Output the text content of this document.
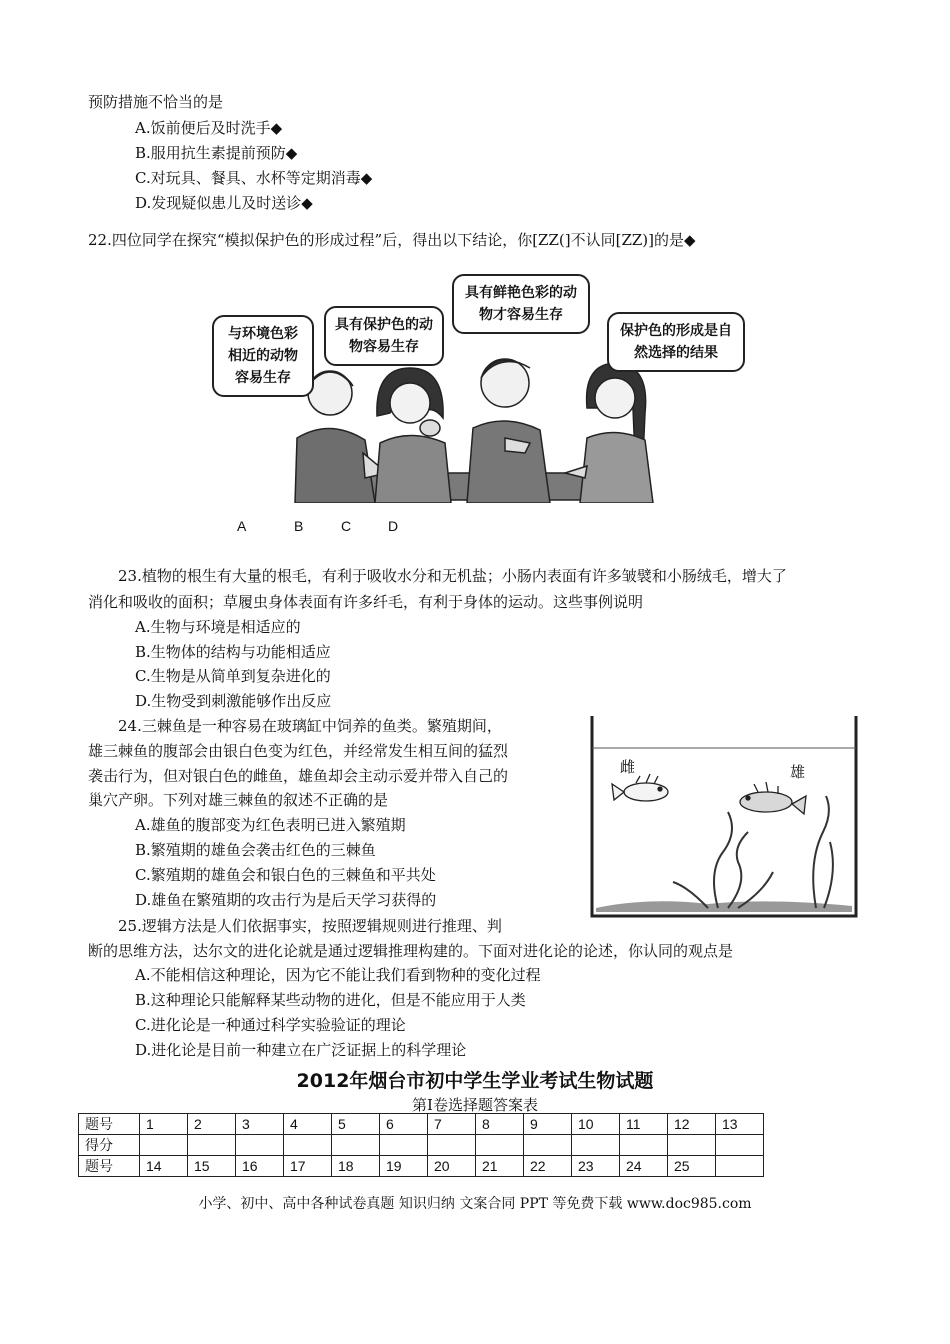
预防措施不恰当的是
A.饭前便后及时洗手◆
B.服用抗生素提前预防◆
C.对玩具、餐具、水杯等定期消毒◆
D.发现疑似患儿及时送诊◆
22.四位同学在探究“模拟保护色的形成过程”后，得出以下结论，你[ZZ(]不认同[ZZ)]的是◆
与环境色彩相近的动物容易生存
具有保护色的动物容易生存
具有鲜艳色彩的动物才容易生存
保护色的形成是自然选择的结果
A	B	C	D
23.植物的根生有大量的根毛，有利于吸收水分和无机盐；小肠内表面有许多皱襞和小肠绒毛，增大了
消化和吸收的面积；草履虫身体表面有许多纤毛，有利于身体的运动。这些事例说明
A.生物与环境是相适应的
B.生物体的结构与功能相适应
C.生物是从简单到复杂进化的
D.生物受到刺激能够作出反应
24.三棘鱼是一种容易在玻璃缸中饲养的鱼类。繁殖期间，
雄三棘鱼的腹部会由银白色变为红色，并经常发生相互间的猛烈
袭击行为，但对银白色的雌鱼，雄鱼却会主动示爱并带入自己的
巢穴产卵。下列对雄三棘鱼的叙述不正确的是
A.雄鱼的腹部变为红色表明已进入繁殖期
B.繁殖期的雄鱼会袭击红色的三棘鱼
C.繁殖期的雄鱼会和银白色的三棘鱼和平共处
D.雄鱼在繁殖期的攻击行为是后天学习获得的
雌	雄
25.逻辑方法是人们依据事实，按照逻辑规则进行推理、判
断的思维方法，达尔文的进化论就是通过逻辑推理构建的。下面对进化论的论述，你认同的观点是
A.不能相信这种理论，因为它不能让我们看到物种的变化过程
B.这种理论只能解释某些动物的进化，但是不能应用于人类
C.进化论是一种通过科学实验验证的理论
D.进化论是目前一种建立在广泛证据上的科学理论
2012年烟台市初中学生学业考试生物试题
第Ⅰ卷选择题答案表
题号	1	2	3	4	5	6	7	8	9	10	11	12	13
得分													
题号	14	15	16	17	18	19	20	21	22	23	24	25	
小学、初中、高中各种试卷真题 知识归纳 文案合同 PPT 等免费下载 www.doc985.com
